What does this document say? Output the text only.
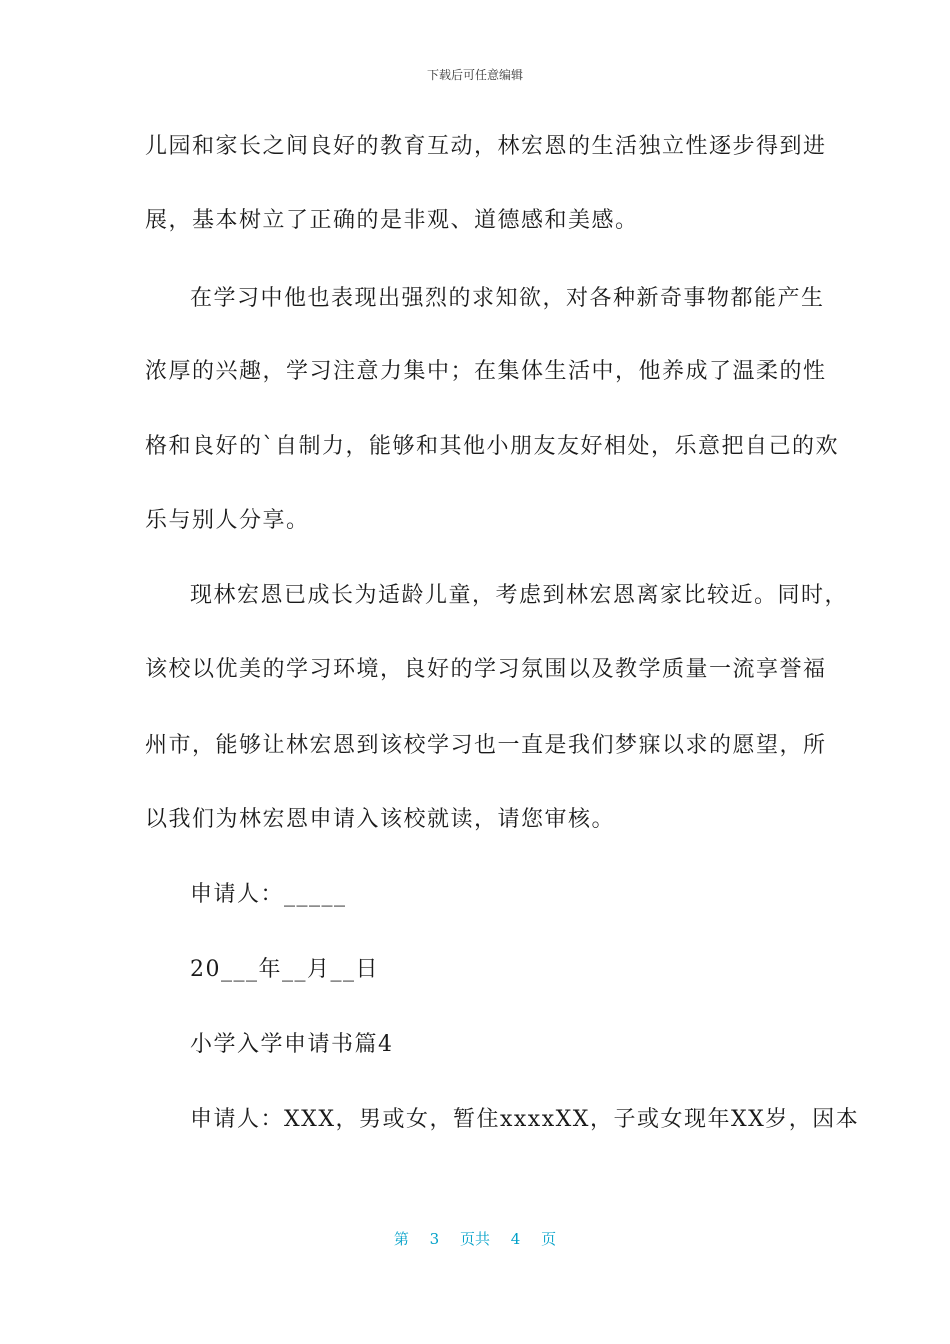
下载后可任意编辑
儿园和家长之间良好的教育互动，林宏恩的生活独立性逐步得到进
展，基本树立了正确的是非观、道德感和美感。
在学习中他也表现出强烈的求知欲，对各种新奇事物都能产生
浓厚的兴趣，学习注意力集中；在集体生活中，他养成了温柔的性
格和良好的`自制力，能够和其他小朋友友好相处，乐意把自己的欢
乐与别人分享。
现林宏恩已成长为适龄儿童，考虑到林宏恩离家比较近。同时，
该校以优美的学习环境，良好的学习氛围以及教学质量一流享誉福
州市，能够让林宏恩到该校学习也一直是我们梦寐以求的愿望，所
以我们为林宏恩申请入该校就读，请您审核。
申请人：_____
20___年__月__日
小学入学申请书篇4
申请人：XXX，男或女，暂住xxxxXX，子或女现年XX岁，因本
第 3 页共 4 页
